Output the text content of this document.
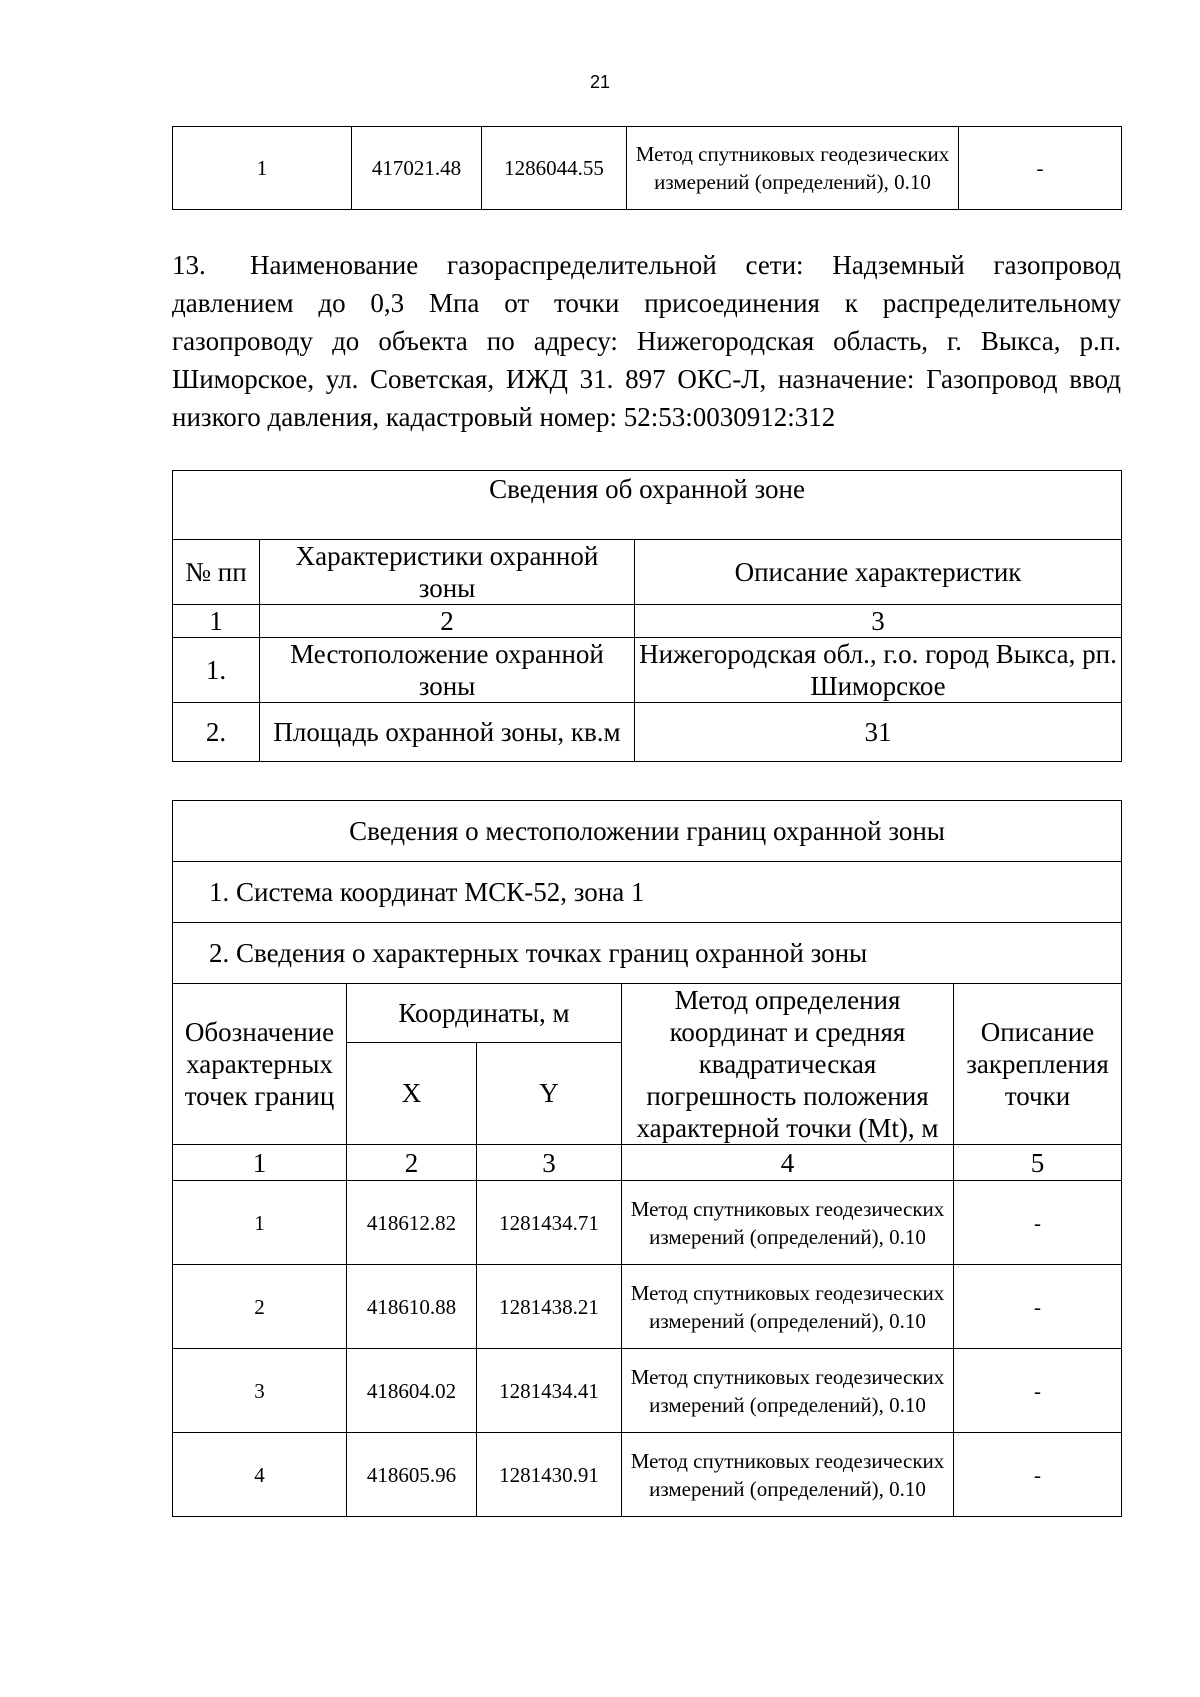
21
1	417021.48	1286044.55	Метод спутниковых геодезических измерений (определений), 0.10	-
13. Наименование газораспределительной сети: Надземный газопровод давлением до 0,3 Мпа от точки присоединения к распределительному газопроводу до объекта по адресу: Нижегородская область, г. Выкса, р.п. Шиморское, ул. Советская, ИЖД 31. 897 ОКС-Л, назначение: Газопровод ввод низкого давления, кадастровый номер: 52:53:0030912:312
Сведения об охранной зоне		
№ пп	Характеристики охранной зоны	Описание характеристик
1	2	3
1.	Местоположение охранной зоны	Нижегородская обл., г.о. город Выкса, рп. Шиморское
2.	Площадь охранной зоны, кв.м	31
Сведения о местоположении границ охранной зоны				
1. Система координат МСК-52, зона 1				
2. Сведения о характерных точках границ охранной зоны				
Обозначение характерных точек границ	Координаты, м		Метод определения координат и средняя квадратическая погрешность положения характерной точки (Mt), м	Описание закрепления точки
	X	Y		
1	2	3	4	5
1	418612.82	1281434.71	Метод спутниковых геодезических измерений (определений), 0.10	-
2	418610.88	1281438.21	Метод спутниковых геодезических измерений (определений), 0.10	-
3	418604.02	1281434.41	Метод спутниковых геодезических измерений (определений), 0.10	-
4	418605.96	1281430.91	Метод спутниковых геодезических измерений (определений), 0.10	-
